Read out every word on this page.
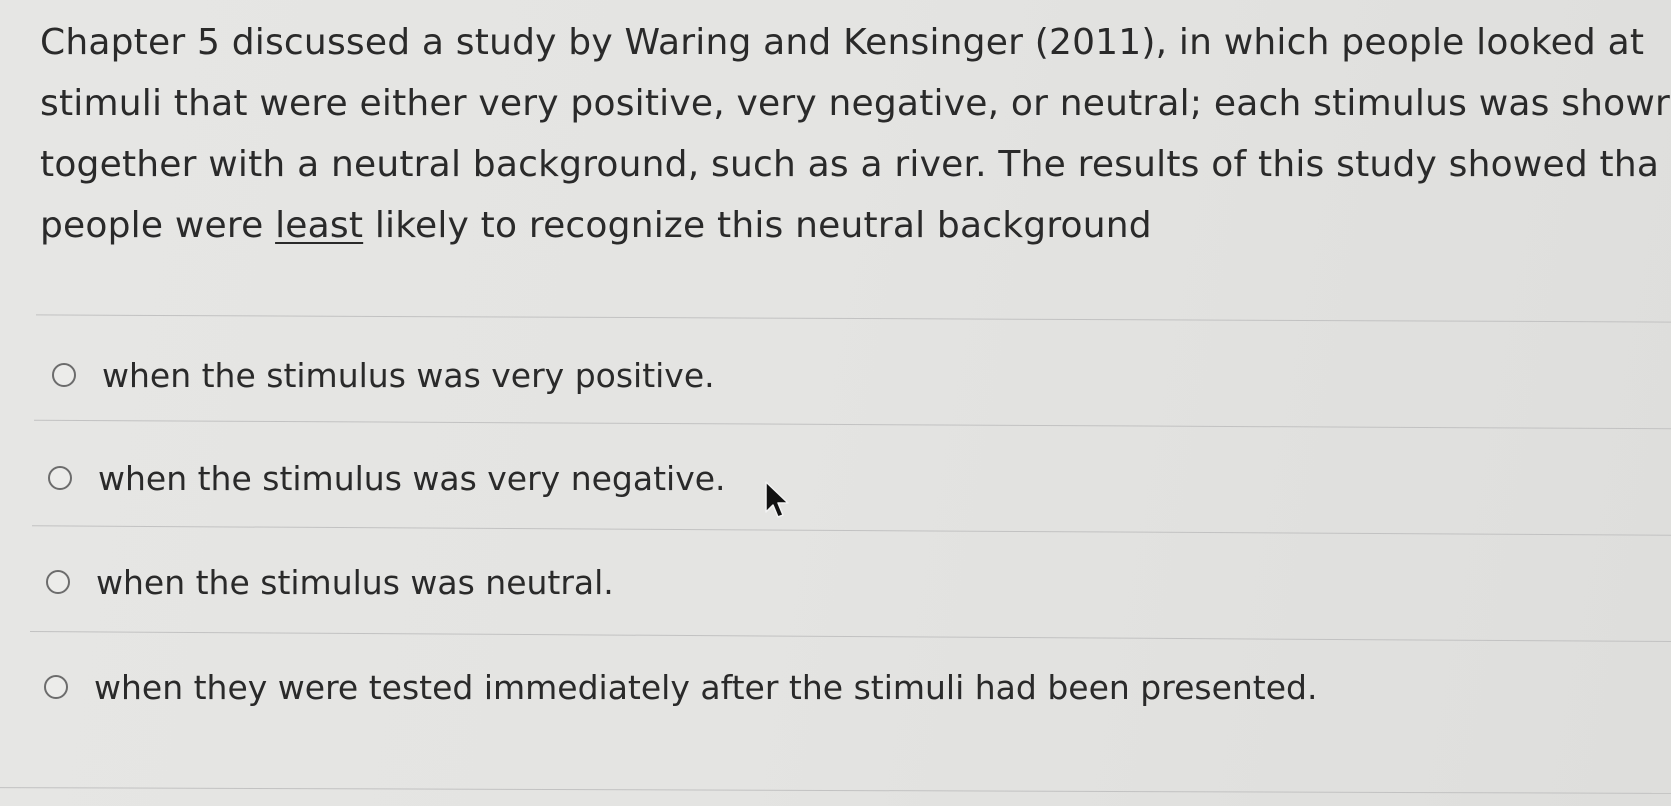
Chapter 5 discussed a study by Waring and Kensinger (2011), in which people looked at
stimuli that were either very positive, very negative, or neutral; each stimulus was showr
together with a neutral background, such as a river. The results of this study showed tha
people were least likely to recognize this neutral background
when the stimulus was very positive.
when the stimulus was very negative.
when the stimulus was neutral.
when they were tested immediately after the stimuli had been presented.
